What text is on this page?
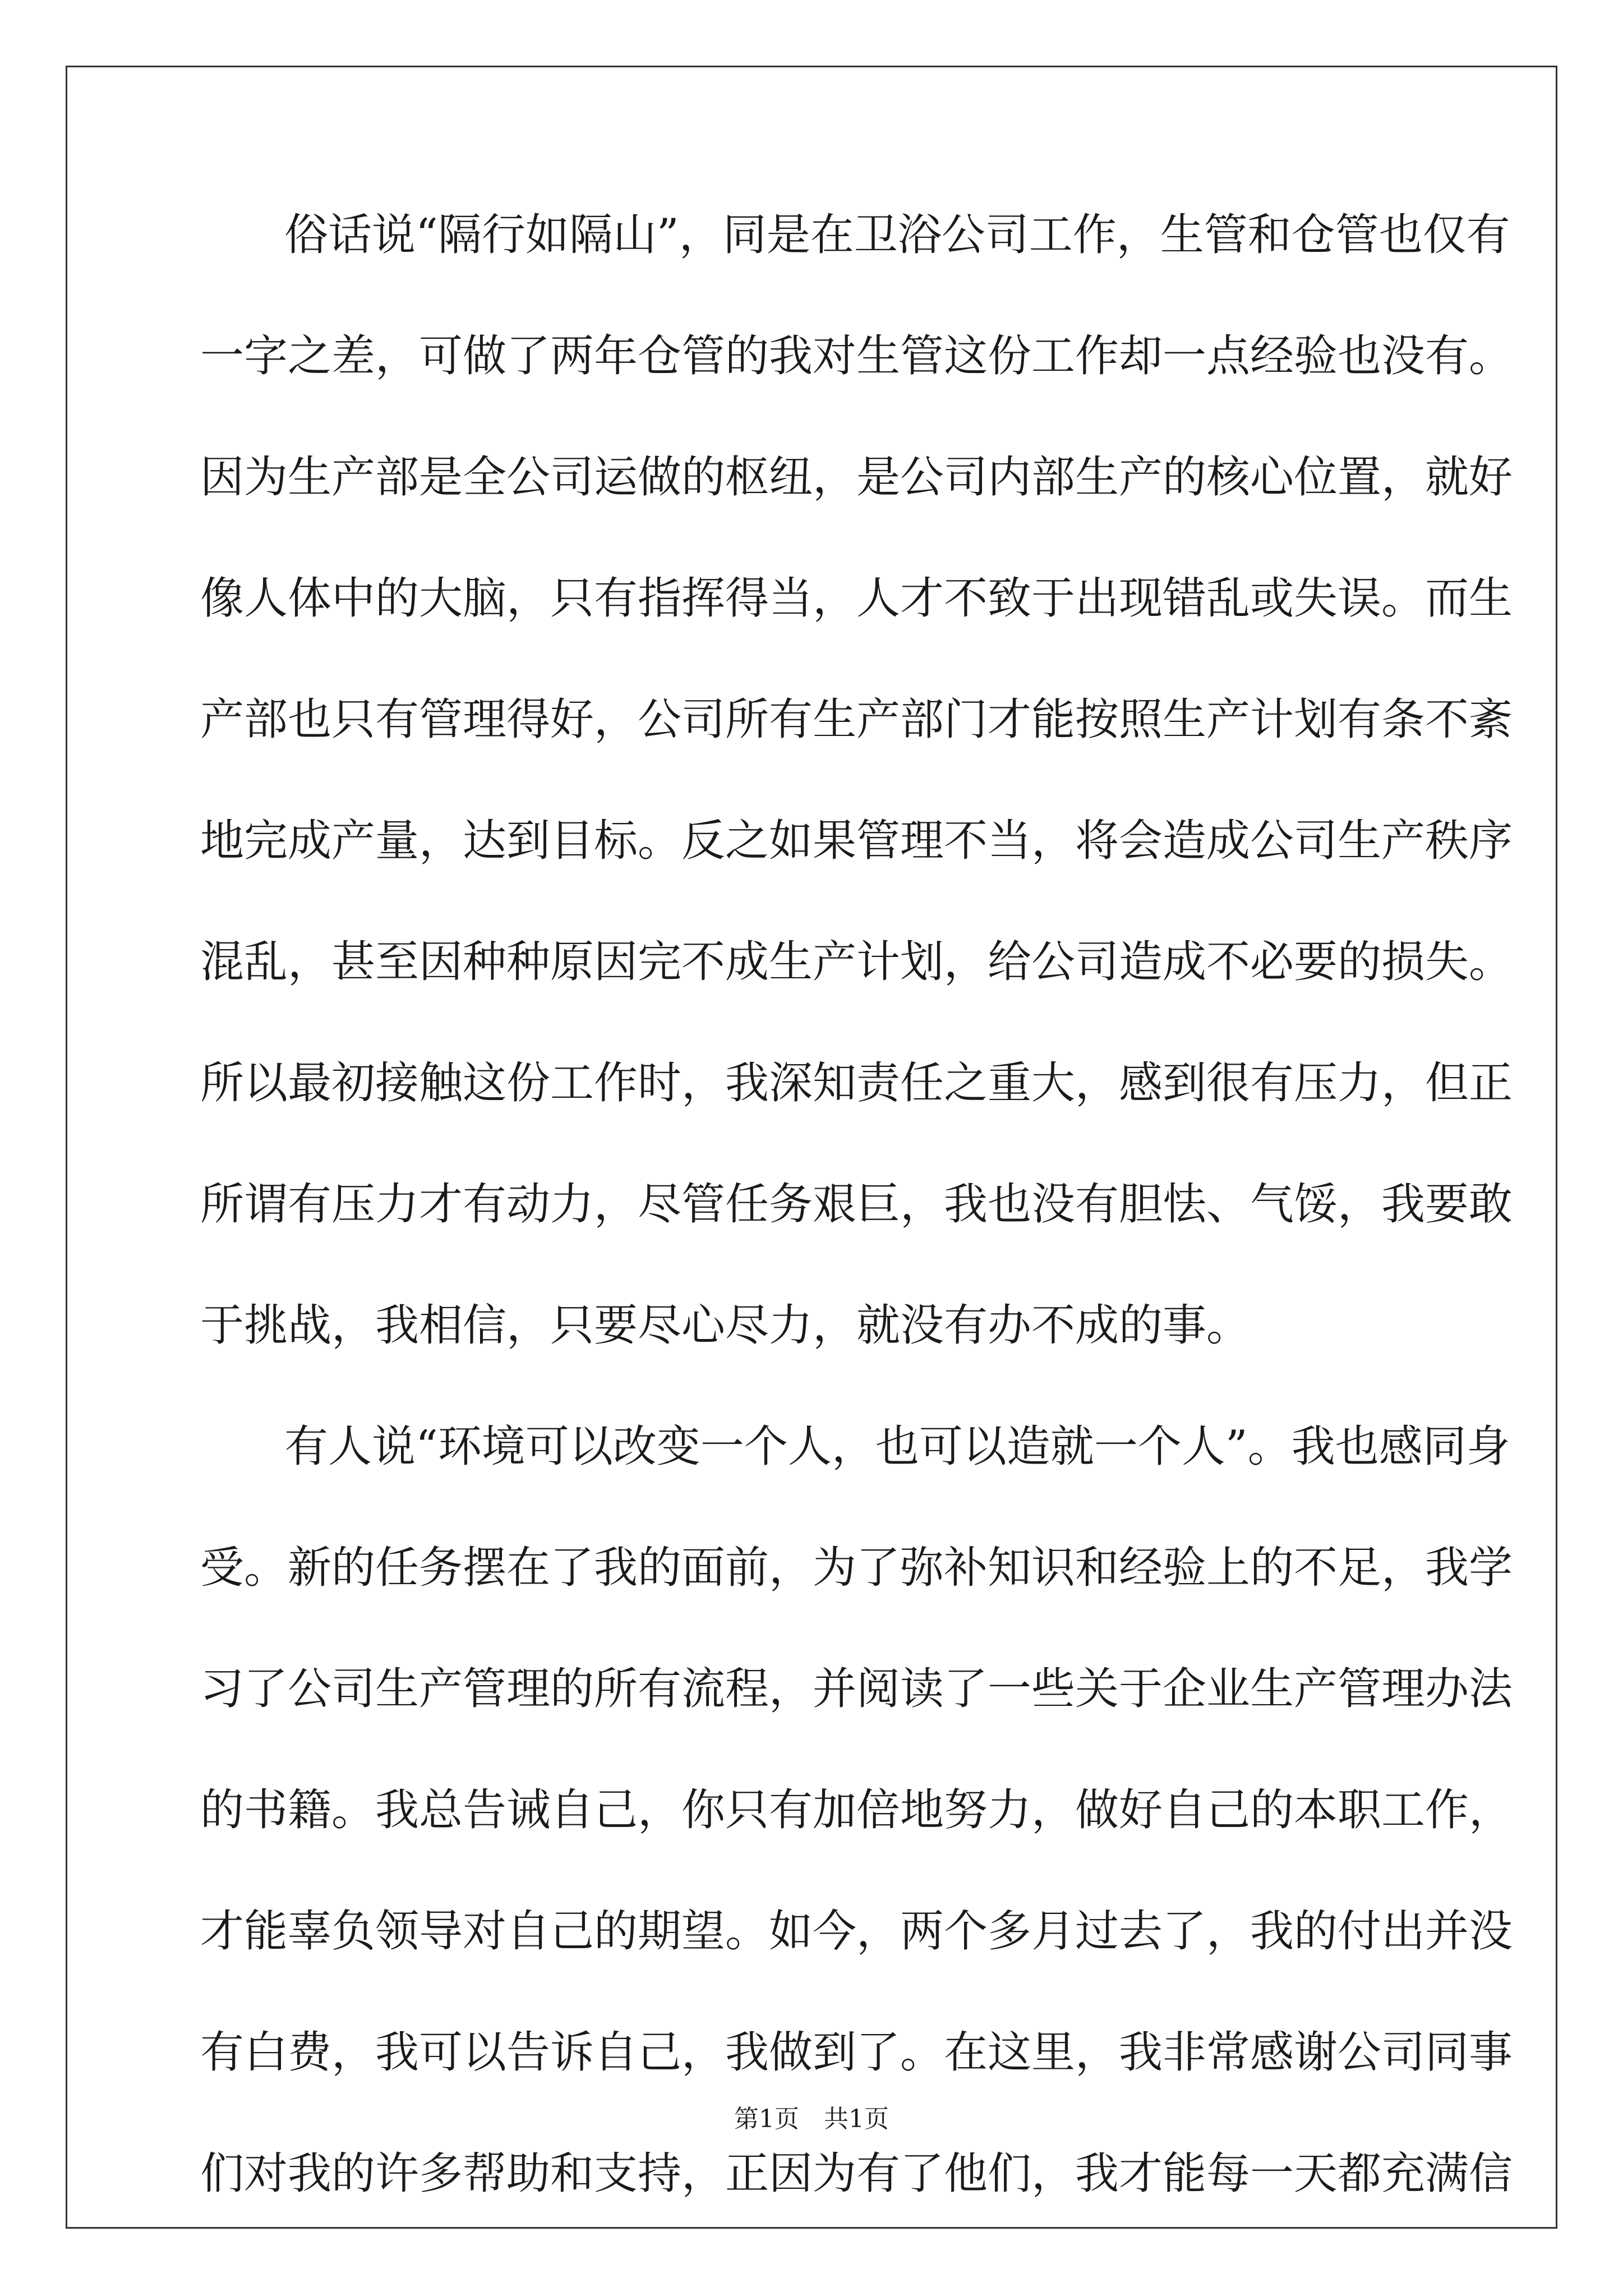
俗话说“隔行如隔山”，同是在卫浴公司工作，生管和仓管也仅有
一字之差，可做了两年仓管的我对生管这份工作却一点经验也没有。
因为生产部是全公司运做的枢纽，是公司内部生产的核心位置，就好
像人体中的大脑，只有指挥得当，人才不致于出现错乱或失误。而生
产部也只有管理得好，公司所有生产部门才能按照生产计划有条不紊
地完成产量，达到目标。反之如果管理不当，将会造成公司生产秩序
混乱，甚至因种种原因完不成生产计划，给公司造成不必要的损失。
所以最初接触这份工作时，我深知责任之重大，感到很有压力，但正
所谓有压力才有动力，尽管任务艰巨，我也没有胆怯、气馁，我要敢
于挑战，我相信，只要尽心尽力，就没有办不成的事。
有人说“环境可以改变一个人，也可以造就一个人”。我也感同身
受。新的任务摆在了我的面前，为了弥补知识和经验上的不足，我学
习了公司生产管理的所有流程，并阅读了一些关于企业生产管理办法
的书籍。我总告诫自己，你只有加倍地努力，做好自己的本职工作，
才能辜负领导对自己的期望。如今，两个多月过去了，我的付出并没
有白费，我可以告诉自己，我做到了。在这里，我非常感谢公司同事
们对我的许多帮助和支持，正因为有了他们，我才能每一天都充满信
第1页 共1页
